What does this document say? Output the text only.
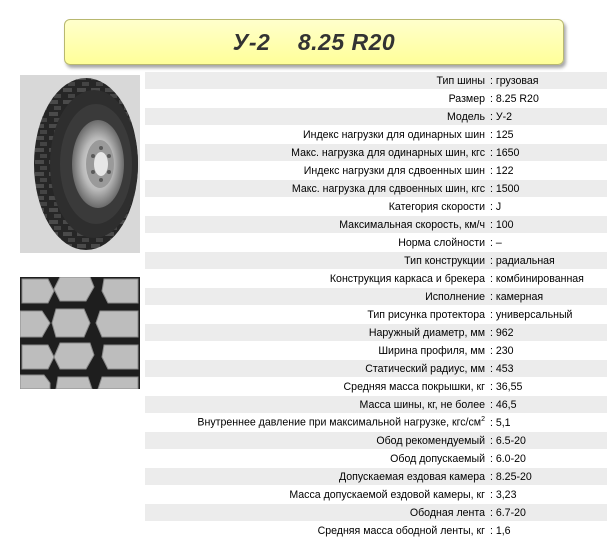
У-2    8.25 R20
Тип шины	: грузовая
Размер	: 8.25 R20
Модель	: У-2
Индекс нагрузки для одинарных шин	: 125
Макс. нагрузка для одинарных шин, кгс	: 1650
Индекс нагрузки для сдвоенных шин	: 122
Макс. нагрузка для сдвоенных шин, кгс	: 1500
Категория скорости	: J
Максимальная скорость, км/ч	: 100
Норма слойности	: –
Тип конструкции	: радиальная
Конструкция каркаса и брекера	: комбинированная
Исполнение	: камерная
Тип рисунка протектора	: универсальный
Наружный диаметр, мм	: 962
Ширина профиля, мм	: 230
Статический радиус, мм	: 453
Средняя масса покрышки, кг	: 36,55
Масса шины, кг, не более	: 46,5
Внутреннее давление при максимальной нагрузке, кгс/$см^2$	: 5,1
Обод рекомендуемый	: 6.5-20
Обод допускаемый	: 6.0-20
Допускаемая ездовая камера	: 8.25-20
Масса допускаемой ездовой камеры, кг	: 3,23
Ободная лента	: 6.7-20
Средняя масса ободной ленты, кг	: 1,6
